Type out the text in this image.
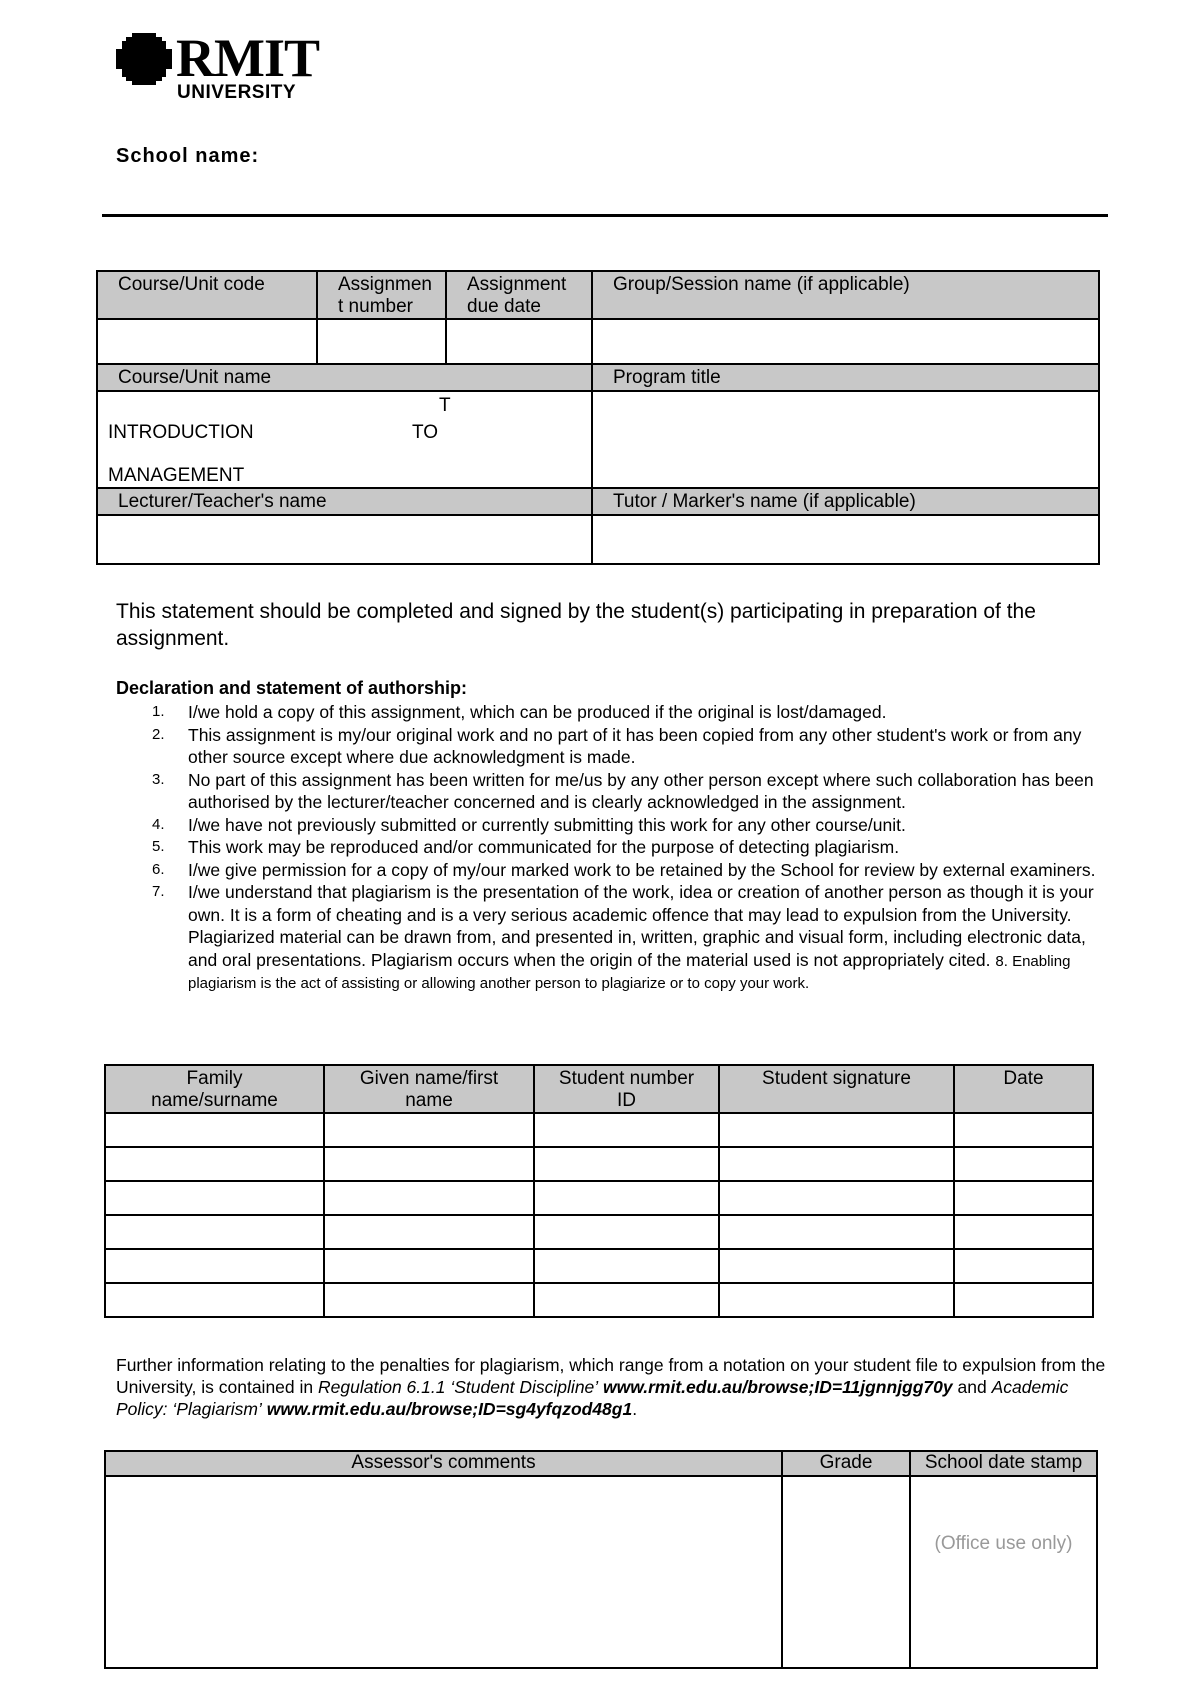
RMIT
UNIVERSITY
School name:
Course/Unit code	Assignmen t number	Assignment due date	Group/Session name (if applicable)

Course/Unit name			Program title

T
INTRODUCTION TO
MANAGEMENT			

Lecturer/Teacher's name			Tutor / Marker's name (if applicable)

This statement should be completed and signed by the student(s) participating in preparation of the assignment.
Declaration and statement of authorship:
1. I/we hold a copy of this assignment, which can be produced if the original is lost/damaged.
2. This assignment is my/our original work and no part of it has been copied from any other student's work or from any other source except where due acknowledgment is made.
3. No part of this assignment has been written for me/us by any other person except where such collaboration has been authorised by the lecturer/teacher concerned and is clearly acknowledged in the assignment.
4. I/we have not previously submitted or currently submitting this work for any other course/unit.
5. This work may be reproduced and/or communicated for the purpose of detecting plagiarism.
6. I/we give permission for a copy of my/our marked work to be retained by the School for review by external examiners.
7. I/we understand that plagiarism is the presentation of the work, idea or creation of another person as though it is your own. It is a form of cheating and is a very serious academic offence that may lead to expulsion from the University. Plagiarized material can be drawn from, and presented in, written, graphic and visual form, including electronic data, and oral presentations. Plagiarism occurs when the origin of the material used is not appropriately cited. 8. Enabling plagiarism is the act of assisting or allowing another person to plagiarize or to copy your work.
Family name/surname	Given name/first name	Student number ID	Student signature	Date

Further information relating to the penalties for plagiarism, which range from a notation on your student file to expulsion from the University, is contained in Regulation 6.1.1 ‘Student Discipline’ www.rmit.edu.au/browse;ID=11jgnnjgg70y and Academic Policy: ‘Plagiarism’ www.rmit.edu.au/browse;ID=sg4yfqzod48g1.
Assessor's comments	Grade	School date stamp

		(Office use only)
